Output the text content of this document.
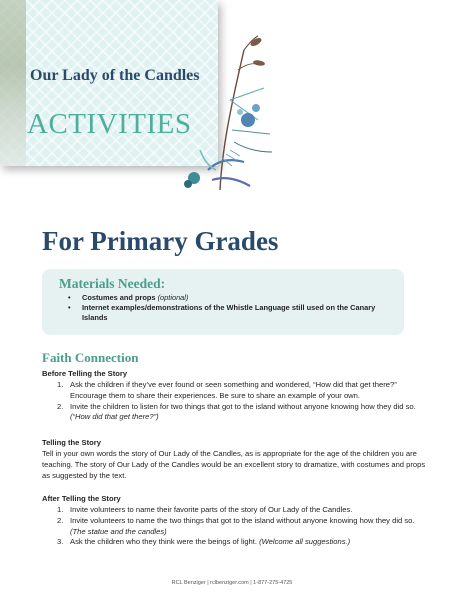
Our Lady of the Candles
ACTIVITIES
For Primary Grades
Materials Needed:
• Costumes and props (optional)
• Internet examples/demonstrations of the Whistle Language still used on the Canary Islands
Faith Connection
Before Telling the Story
1. Ask the children if they’ve ever found or seen something and wondered, “How did that get there?” Encourage them to share their experiences. Be sure to share an example of your own.
2. Invite the children to listen for two things that got to the island without anyone knowing how they did so. (“How did that get there?”)
Telling the Story

Tell in your own words the story of Our Lady of the Candles, as is appropriate for the age of the children you are teaching. The story of Our Lady of the Candles would be an excellent story to dramatize, with costumes and props as suggested by the text.

After Telling the Story
1. Invite volunteers to name their favorite parts of the story of Our Lady of the Candles.
2. Invite volunteers to name the two things that got to the island without anyone knowing how they did so. (The statue and the candles)
3. Ask the children who they think were the beings of light. (Welcome all suggestions.)
RCL Benziger | rclbenziger.com | 1-877-275-4725
